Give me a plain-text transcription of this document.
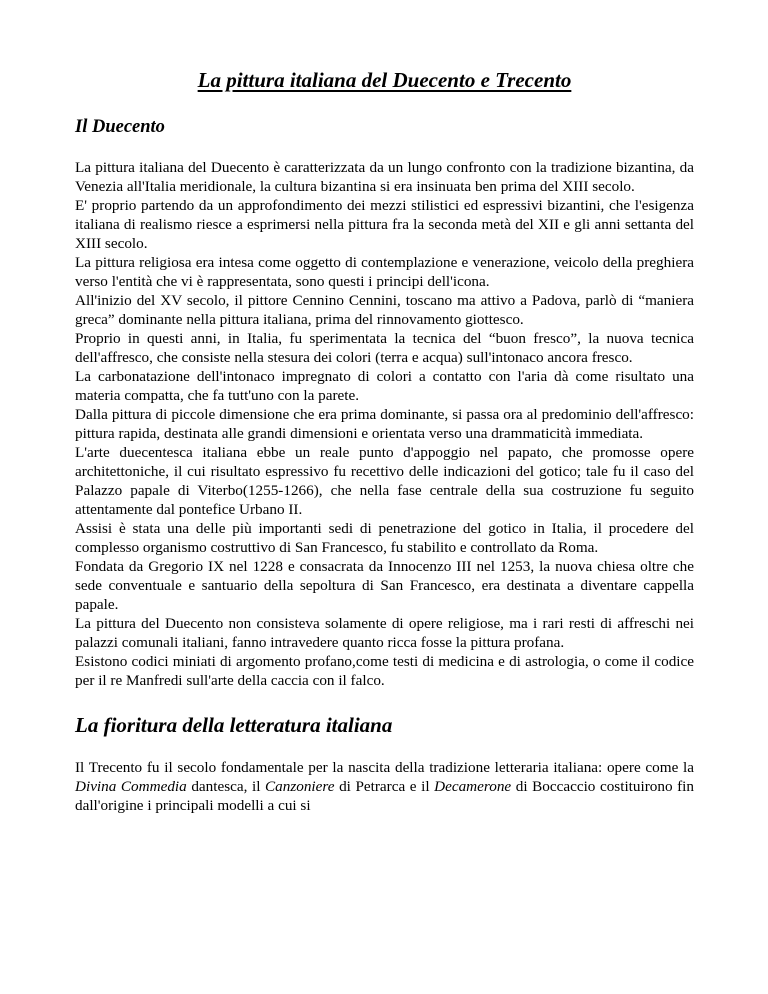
La pittura italiana del Duecento e Trecento
Il Duecento

La pittura italiana del Duecento è caratterizzata da un lungo confronto con la tradizione bizantina, da Venezia all'Italia meridionale, la cultura bizantina si era insinuata ben prima del XIII secolo.

E' proprio partendo da un approfondimento dei mezzi stilistici ed espressivi bizantini, che l'esigenza italiana di realismo riesce a esprimersi nella pittura fra la seconda metà del XII e gli anni settanta del XIII secolo.

La pittura religiosa era intesa come oggetto di contemplazione e venerazione, veicolo della preghiera verso l'entità che vi è rappresentata, sono questi i principi dell'icona.

All'inizio del XV secolo, il pittore Cennino Cennini, toscano ma attivo a Padova, parlò di “maniera greca” dominante nella pittura italiana, prima del rinnovamento giottesco.

Proprio in questi anni, in Italia, fu sperimentata la tecnica del “buon fresco”, la nuova tecnica dell'affresco, che consiste nella stesura dei colori (terra e acqua) sull'intonaco ancora fresco.

La carbonatazione dell'intonaco impregnato di colori a contatto con l'aria dà come risultato una materia compatta, che fa tutt'uno con la parete.

Dalla pittura di piccole dimensione che era prima dominante, si passa ora al predominio dell'affresco: pittura rapida, destinata alle grandi dimensioni e orientata verso una drammaticità immediata.

L'arte duecentesca italiana ebbe un reale punto d'appoggio nel papato, che promosse opere architettoniche, il cui risultato espressivo fu recettivo delle indicazioni del gotico; tale fu il caso del Palazzo papale di Viterbo(1255-1266), che nella fase centrale della sua costruzione fu seguito attentamente dal pontefice Urbano II.

Assisi è stata una delle più importanti sedi di penetrazione del gotico in Italia, il procedere del complesso organismo costruttivo di San Francesco, fu stabilito e controllato da Roma.

Fondata da Gregorio IX nel 1228 e consacrata da Innocenzo III nel 1253, la nuova chiesa oltre che sede conventuale e santuario della sepoltura di San Francesco, era destinata a diventare cappella papale.

La pittura del Duecento non consisteva solamente di opere religiose, ma i rari resti di affreschi nei palazzi comunali italiani, fanno intravedere quanto ricca fosse la pittura profana.

Esistono codici miniati di argomento profano,come testi di medicina e di astrologia, o come il codice per il re Manfredi sull'arte della caccia con il falco.

La fioritura della letteratura italiana

Il Trecento fu il secolo fondamentale per la nascita della tradizione letteraria italiana: opere come la Divina Commedia dantesca, il Canzoniere di Petrarca e il Decamerone di Boccaccio costituirono fin dall'origine i principali modelli a cui si
